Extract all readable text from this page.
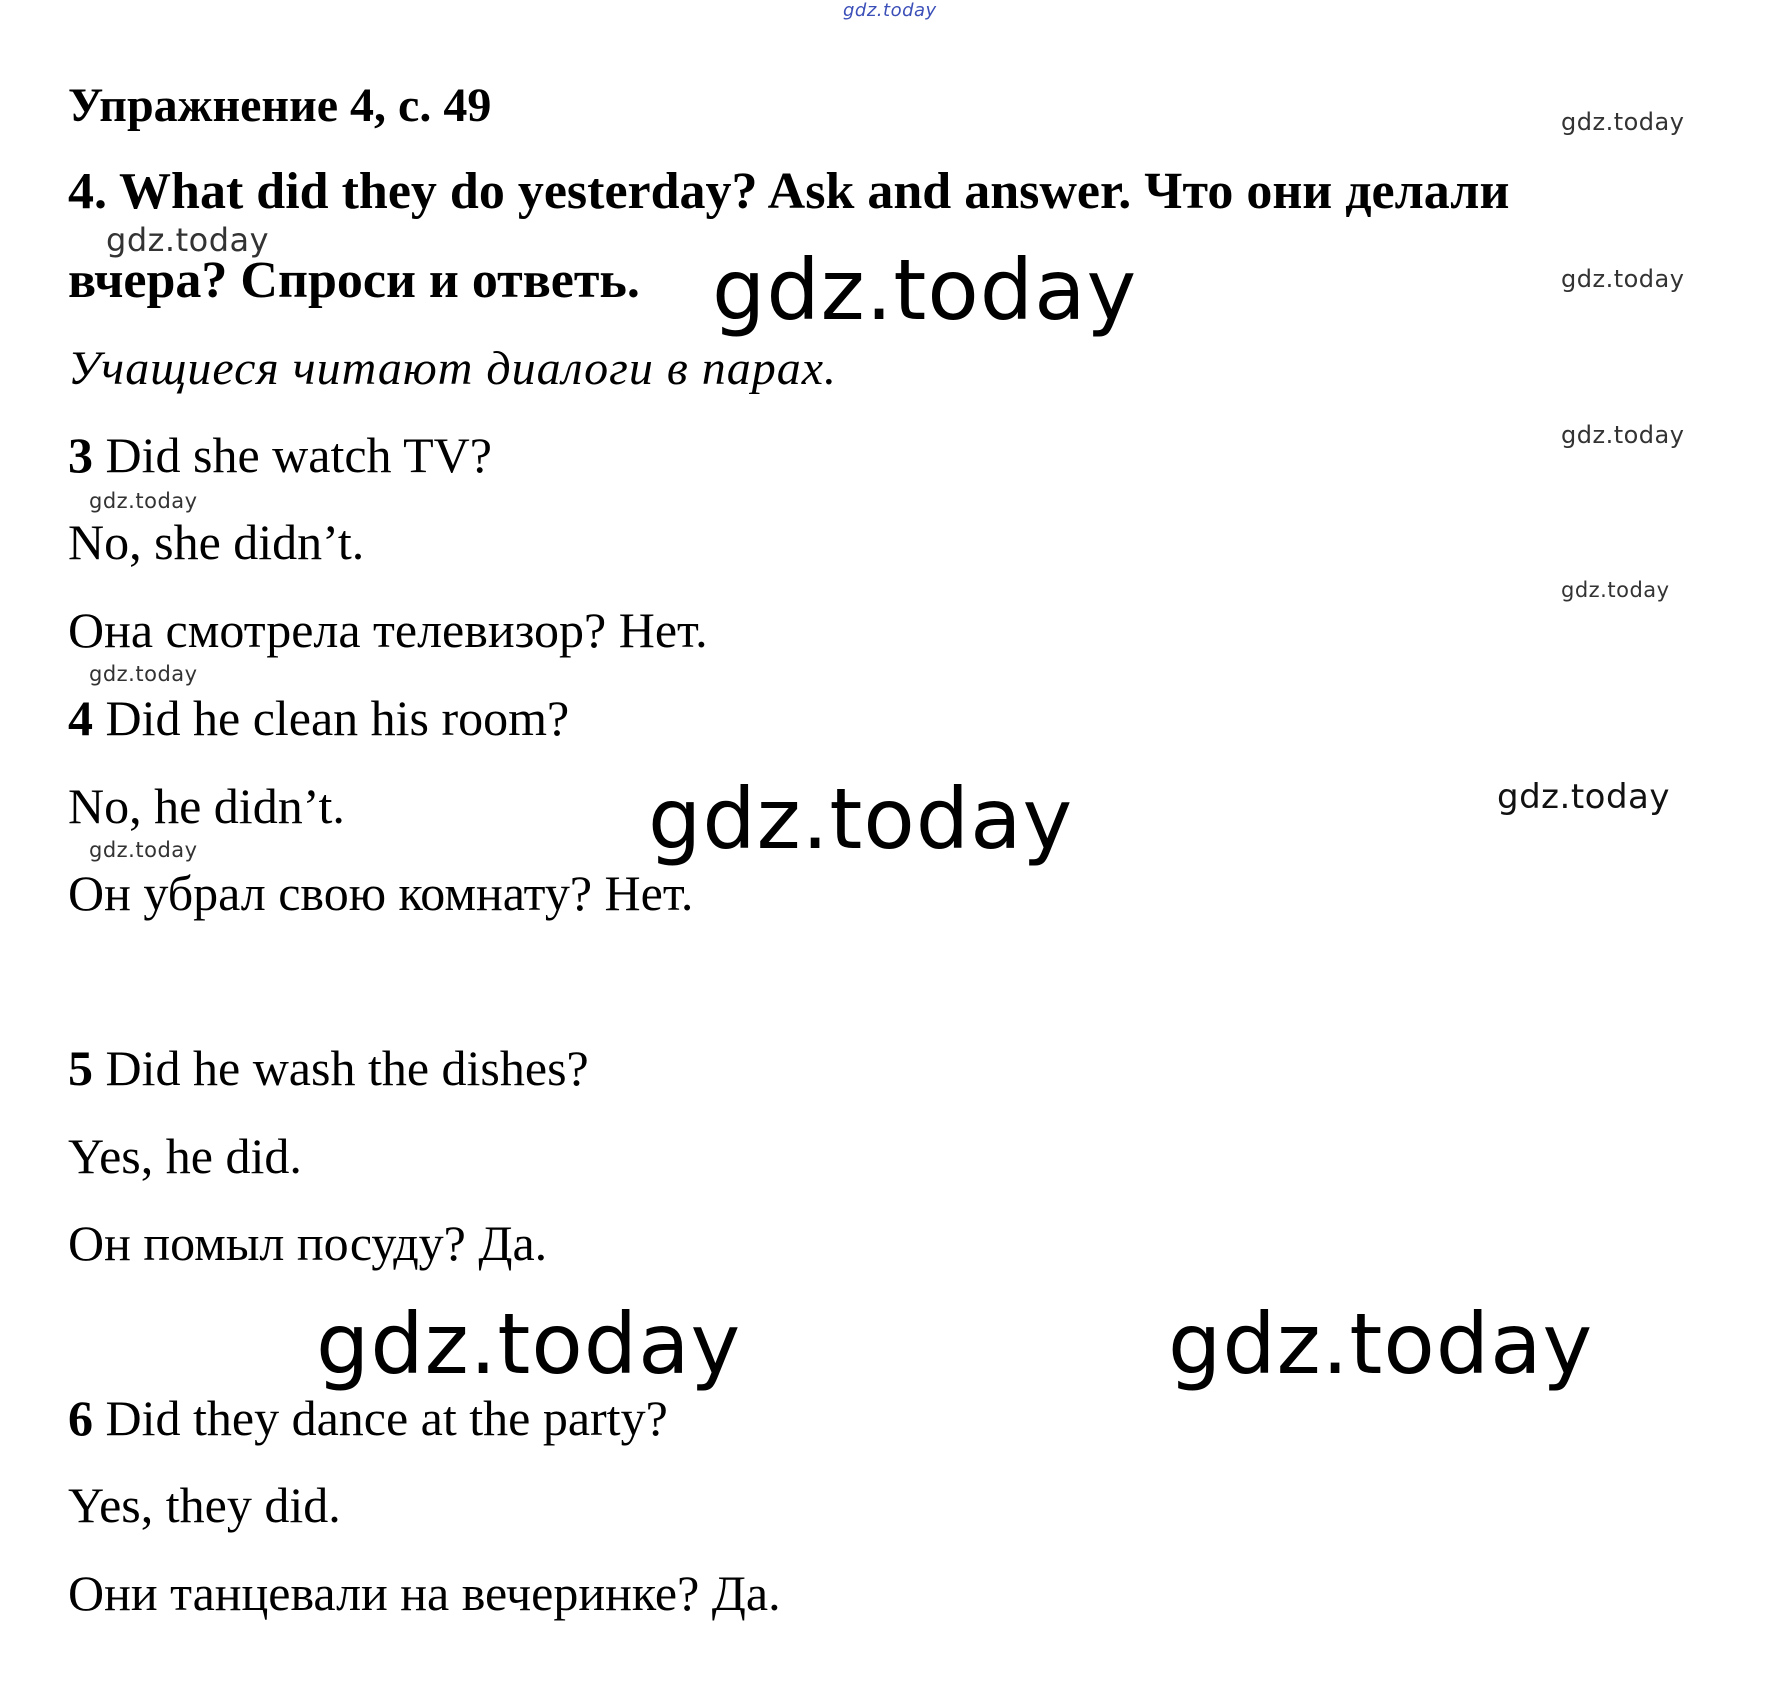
gdz.today
gdz.today
gdz.today
gdz.today
gdz.today
gdz.today
gdz.today
gdz.today
gdz.today
gdz.today
gdz.today
gdz.today
gdz.today	gdz.today
Упражнение 4, с. 49
4. What did they do yesterday? Ask and answer. Что они делали
вчера? Спроси и ответь.
Учащиеся читают диалоги в парах.
3 Did she watch TV?
No, she didn’t.
Она смотрела телевизор? Нет.
4 Did he clean his room?
No, he didn’t.
Он убрал свою комнату? Нет.
5 Did he wash the dishes?
Yes, he did.
Он помыл посуду? Да.
6 Did they dance at the party?
Yes, they did.
Они танцевали на вечеринке? Да.
